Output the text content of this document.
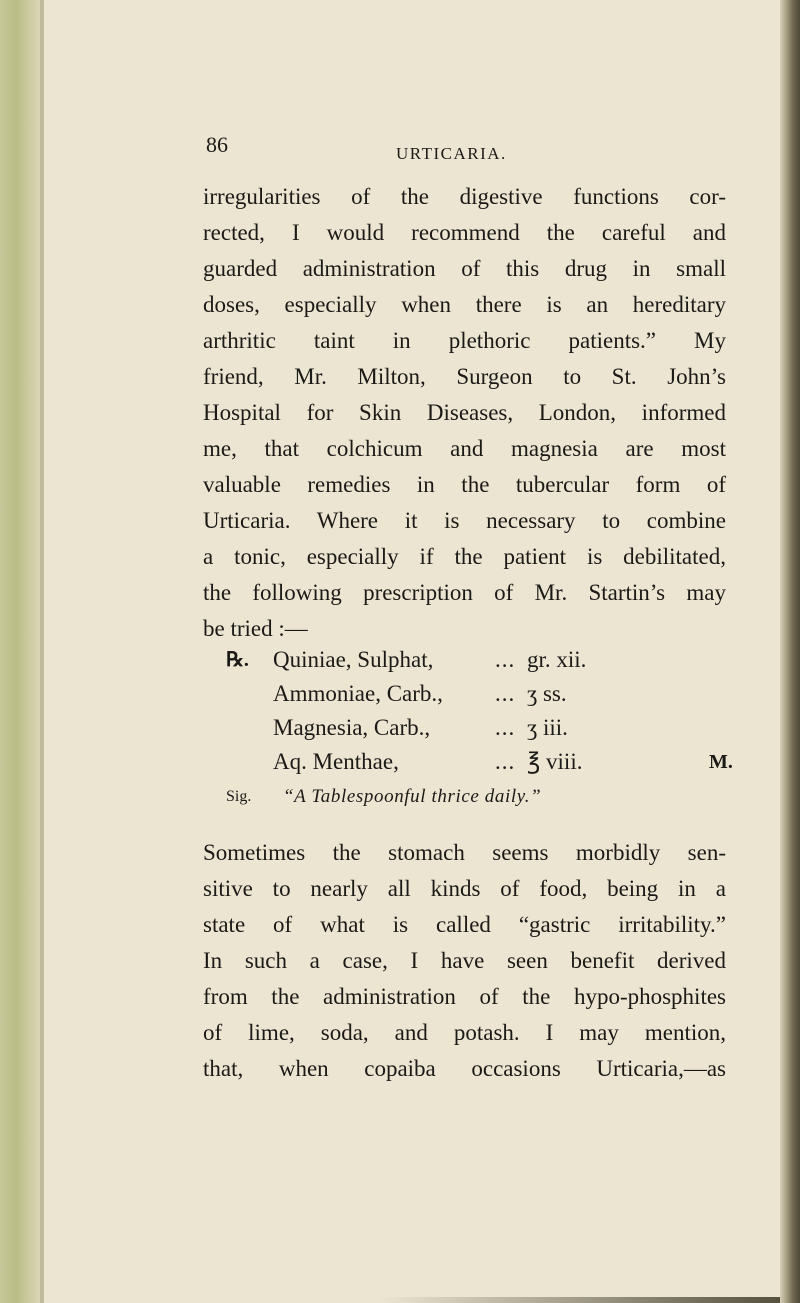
86	URTICARIA.

irregularities of the digestive functions cor-
rected, I would recommend the careful and
guarded administration of this drug in small
doses, especially when there is an hereditary
arthritic taint in plethoric patients.” My
friend, Mr. Milton, Surgeon to St. John’s
Hospital for Skin Diseases, London, informed
me, that colchicum and magnesia are most
valuable remedies in the tubercular form of
Urticaria. Where it is necessary to combine
a tonic, especially if the patient is debilitated,
the following prescription of Mr. Startin’s may
be tried :—
℞. Quiniae, Sulphat,	... gr. xii.
Ammoniae, Carb., ... ʒ ss.
Magnesia, Carb.,	... ʒ iii.
Aq. Menthae,	... ℥ viii.	M.
Sig. “A Tablespoonful thrice daily.”
Sometimes the stomach seems morbidly sen-
sitive to nearly all kinds of food, being in a
state of what is called “gastric irritability.”
In such a case, I have seen benefit derived
from the administration of the hypo-phosphites
of lime, soda, and potash. I may mention,
that, when copaiba occasions Urticaria,—as
